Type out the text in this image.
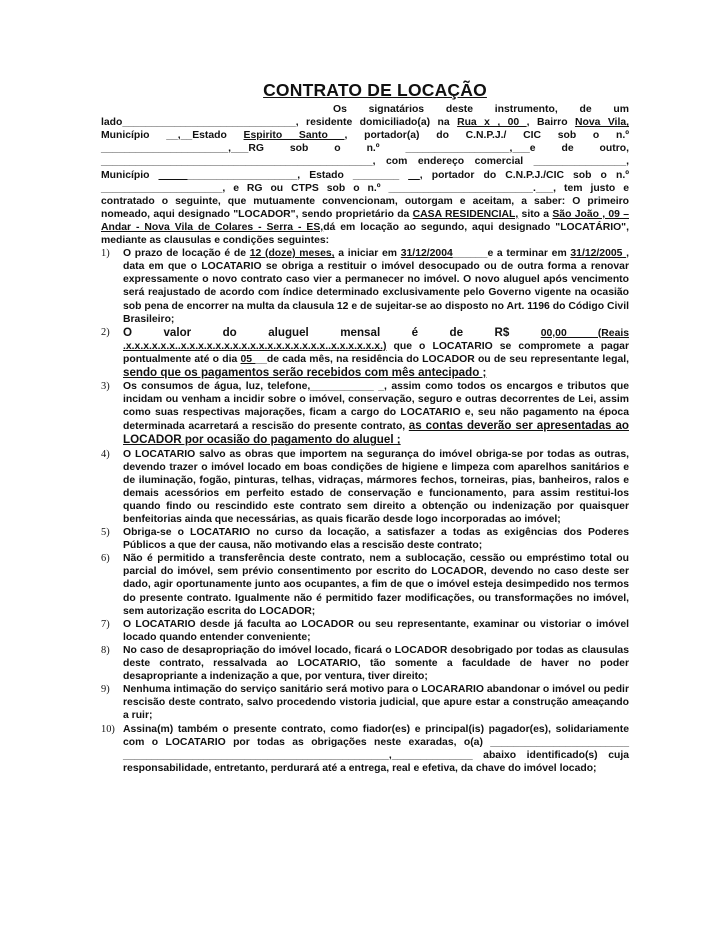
CONTRATO DE LOCAÇÃO
Os signatários deste instrumento, de um lado______________________________, residente domiciliado(a) na Rua x , 00 , Bairro Nova Vila, Município __,__Estado Espirito Santo , portador(a) do C.N.P.J./ CIC sob o n.º ______________________,___RG sob o n.º __________________,___e de outro, _______________________________________________, com endereço comercial ________________, Município ________________________, Estado ________ __, portador do C.N.P.J./CIC sob o n.º _____________________, e RG ou CTPS sob o n.º _________________________.___, tem justo e contratado o seguinte, que mutuamente convencionam, outorgam e aceitam, a saber: O primeiro nomeado, aqui designado "LOCADOR", sendo proprietário da CASA RESIDENCIAL, sito a São João , 09 – Andar - Nova Vila de Colares - Serra - ES,dá em locação ao segundo, aqui designado "LOCATÁRIO", mediante as clausulas e condições seguintes:
1) O prazo de locação é de 12 (doze) meses, a iniciar em 31/12/2004______e a terminar em 31/12/2005 , data em que o LOCATARIO se obriga a restituir o imóvel desocupado ou de outra forma a renovar expressamente o novo contrato caso vier a permanecer no imóvel. O novo aluguel após vencimento será reajustado de acordo com índice determinado exclusivamente pelo Governo vigente na ocasião sob pena de encorrer na multa da clausula 12 e de sujeitar-se ao disposto no Art. 1196 do Código Civil Brasileiro;
2) O valor do aluguel mensal é de R$ 00,00 (Reais .x.x.x.x.x.x..x.x.x.x.x.x.x.x.x.x.x.x.x.x.x.x.x..x.x.x.x.x.x.) que o LOCATARIO se compromete a pagar pontualmente até o dia 05 __de cada mês, na residência do LOCADOR ou de seu representante legal, sendo que os pagamentos serão recebidos com mês antecipado ;
3) Os consumos de água, luz, telefone,___________ _, assim como todos os encargos e tributos que incidam ou venham a incidir sobre o imóvel, conservação, seguro e outras decorrentes de Lei, assim como suas respectivas majorações, ficam a cargo do LOCATARIO e, seu não pagamento na época determinada acarretará a rescisão do presente contrato, as contas deverão ser apresentadas ao LOCADOR por ocasião do pagamento do aluguel ;
4) O LOCATARIO salvo as obras que importem na segurança do imóvel obriga-se por todas as outras, devendo trazer o imóvel locado em boas condições de higiene e limpeza com aparelhos sanitários e de iluminação, fogão, pinturas, telhas, vidraças, mármores fechos, torneiras, pias, banheiros, ralos e demais acessórios em perfeito estado de conservação e funcionamento, para assim restitui-los quando findo ou rescindido este contrato sem direito a obtenção ou indenização por quaisquer benfeitorias ainda que necessárias, as quais ficarão desde logo incorporadas ao imóvel;
5) Obriga-se o LOCATARIO no curso da locação, a satisfazer a todas as exigências dos Poderes Públicos a que der causa, não motivando elas a rescisão deste contrato;
6) Não é permitido a transferência deste contrato, nem a sublocação, cessão ou empréstimo total ou parcial do imóvel, sem prévio consentimento por escrito do LOCADOR, devendo no caso deste ser dado, agir oportunamente junto aos ocupantes, a fim de que o imóvel esteja desimpedido nos termos do presente contrato. Igualmente não é permitido fazer modificações, ou transformações no imóvel, sem autorização escrita do LOCADOR;
7) O LOCATARIO desde já faculta ao LOCADOR ou seu representante, examinar ou vistoriar o imóvel locado quando entender conveniente;
8) No caso de desapropriação do imóvel locado, ficará o LOCADOR desobrigado por todas as clausulas deste contrato, ressalvada ao LOCATARIO, tão somente a faculdade de haver no poder desapropriante a indenização a que, por ventura, tiver direito;
9) Nenhuma intimação do serviço sanitário será motivo para o LOCARARIO abandonar o imóvel ou pedir rescisão deste contrato, salvo procedendo vistoria judicial, que apure estar a construção ameaçando a ruir;
10) Assina(m) também o presente contrato, como fiador(es) e principal(is) pagador(es), solidariamente com o LOCATARIO por todas as obrigações neste exaradas, o(a) ________________________ ______________________________________________,______________ abaixo identificado(s) cuja responsabilidade, entretanto, perdurará até a entrega, real e efetiva, da chave do imóvel locado;
